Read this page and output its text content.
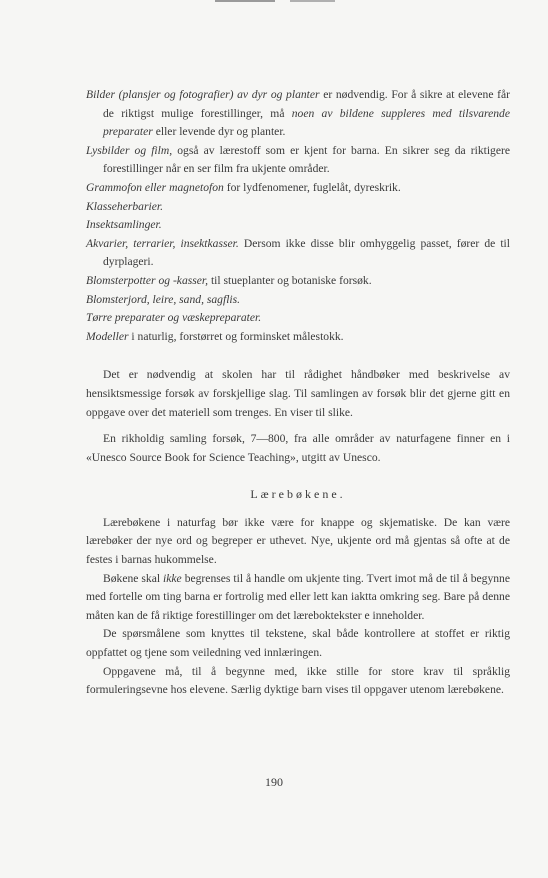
Bilder (plansjer og fotografier) av dyr og planter er nødvendig. For å sikre at elevene får de riktigst mulige forestillinger, må noen av bildene suppleres med tilsvarende preparater eller levende dyr og planter.

Lysbilder og film, også av lærestoff som er kjent for barna. En sikrer seg da riktigere forestillinger når en ser film fra ukjente områder.

Grammofon eller magnetofon for lydfenomener, fuglelåt, dyreskrik.

Klasseherbarier.

Insektsamlinger.

Akvarier, terrarier, insektkasser. Dersom ikke disse blir omhyggelig passet, fører de til dyrplageri.

Blomsterpotter og -kasser, til stueplanter og botaniske forsøk.

Blomsterjord, leire, sand, sagflis.

Tørre preparater og væskepreparater.

Modeller i naturlig, forstørret og forminsket målestokk.

Det er nødvendig at skolen har til rådighet håndbøker med beskrivelse av hensiktsmessige forsøk av forskjellige slag. Til samlingen av forsøk blir det gjerne gitt en oppgave over det materiell som trenges. En viser til slike.

En rikholdig samling forsøk, 7—800, fra alle områder av naturfagene finner en i «Unesco Source Book for Science Teaching», utgitt av Unesco.

Lærebøkene.

Lærebøkene i naturfag bør ikke være for knappe og skjematiske. De kan være lærebøker der nye ord og begreper er uthevet. Nye, ukjente ord må gjentas så ofte at de festes i barnas hukommelse.

Bøkene skal ikke begrenses til å handle om ukjente ting. Tvert imot må de til å begynne med fortelle om ting barna er fortrolig med eller lett kan iaktta omkring seg. Bare på denne måten kan de få riktige forestillinger om det læreboktekster e inneholder.

De spørsmålene som knyttes til tekstene, skal både kontrollere at stoffet er riktig oppfattet og tjene som veiledning ved innlæringen.

Oppgavene må, til å begynne med, ikke stille for store krav til språklig formuleringsevne hos elevene. Særlig dyktige barn vises til oppgaver utenom lærebøkene.

190
